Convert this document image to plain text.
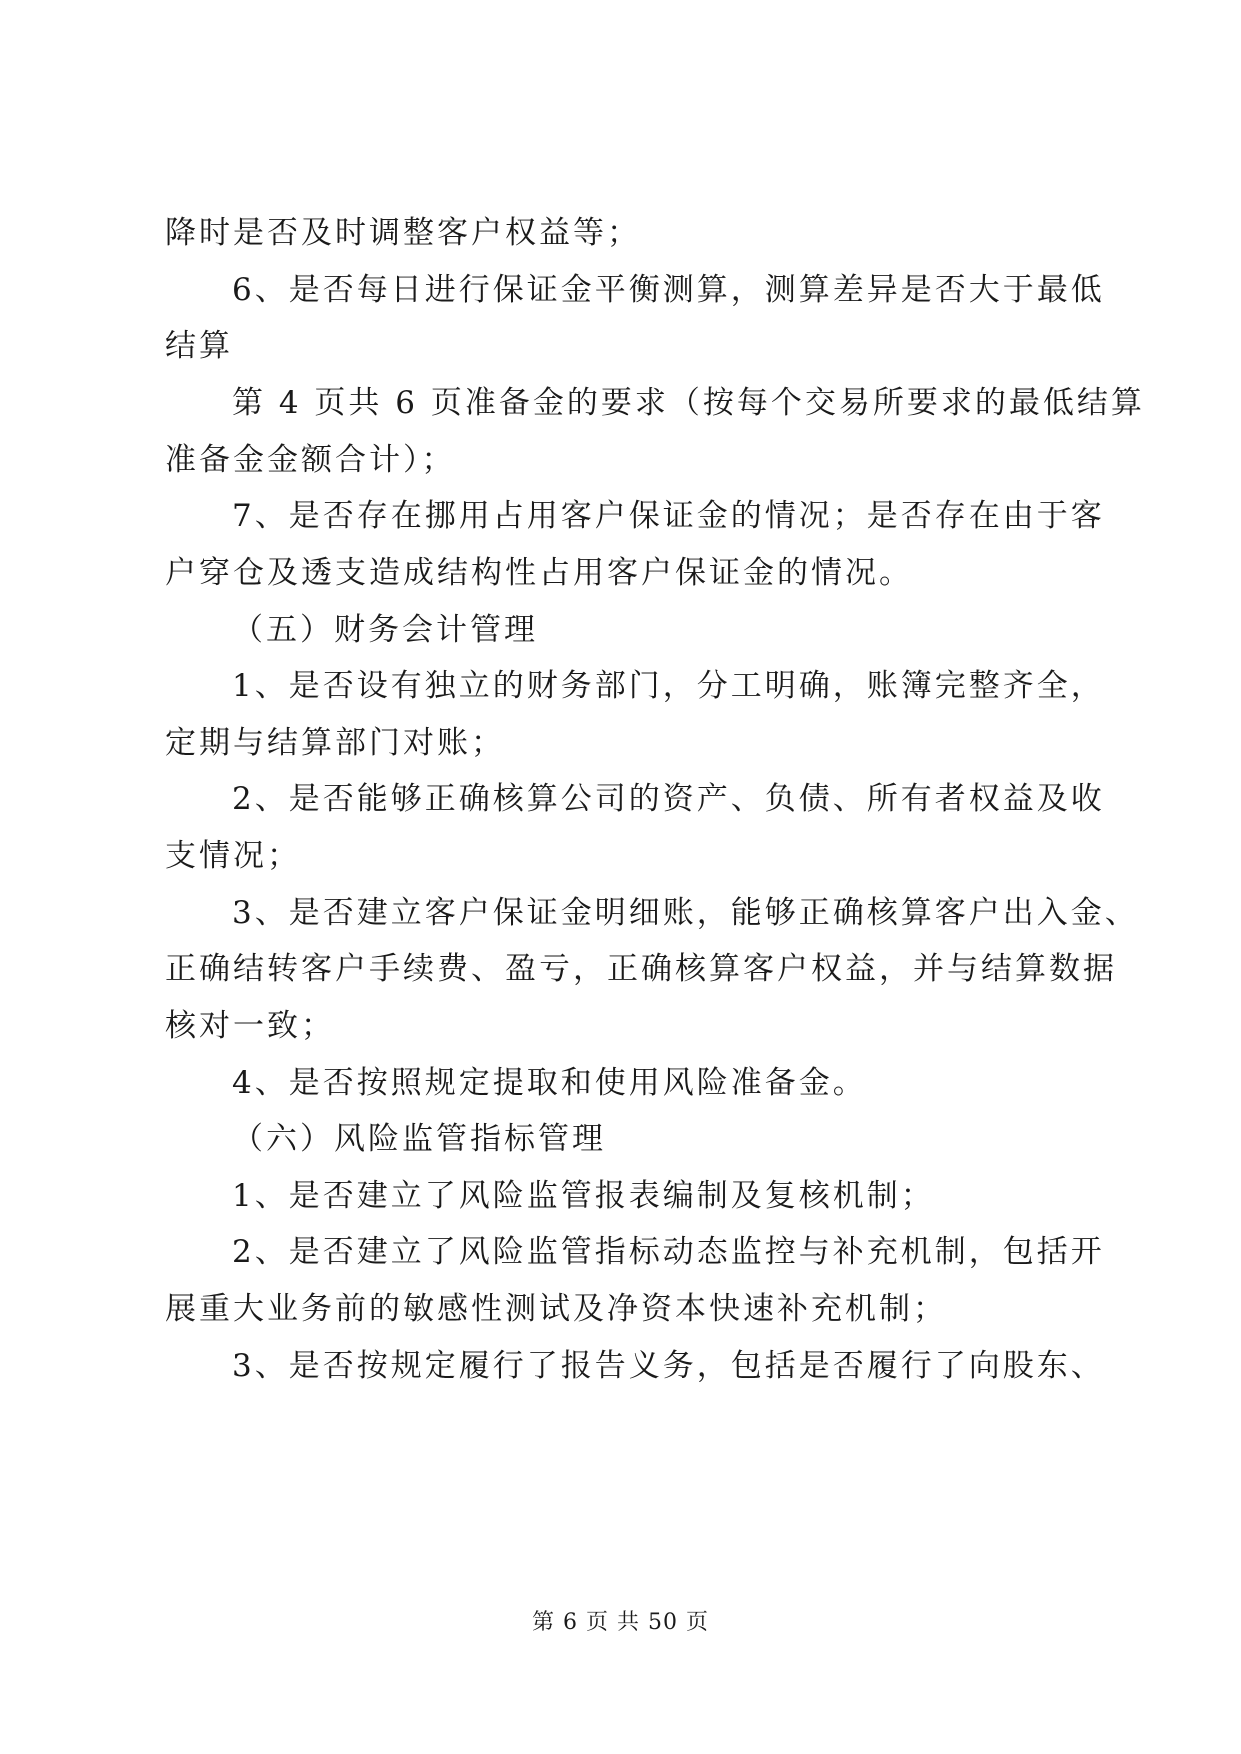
降时是否及时调整客户权益等；
6、是否每日进行保证金平衡测算，测算差异是否大于最低
结算
第 4 页共 6 页准备金的要求（按每个交易所要求的最低结算
准备金金额合计）；
7、是否存在挪用占用客户保证金的情况；是否存在由于客
户穿仓及透支造成结构性占用客户保证金的情况。
（五）财务会计管理
1、是否设有独立的财务部门，分工明确，账簿完整齐全，
定期与结算部门对账；
2、是否能够正确核算公司的资产、负债、所有者权益及收
支情况；
3、是否建立客户保证金明细账，能够正确核算客户出入金、
正确结转客户手续费、盈亏，正确核算客户权益，并与结算数据
核对一致；
4、是否按照规定提取和使用风险准备金。
（六）风险监管指标管理
1、是否建立了风险监管报表编制及复核机制；
2、是否建立了风险监管指标动态监控与补充机制，包括开
展重大业务前的敏感性测试及净资本快速补充机制；
3、是否按规定履行了报告义务，包括是否履行了向股东、
第 6 页 共 50 页
